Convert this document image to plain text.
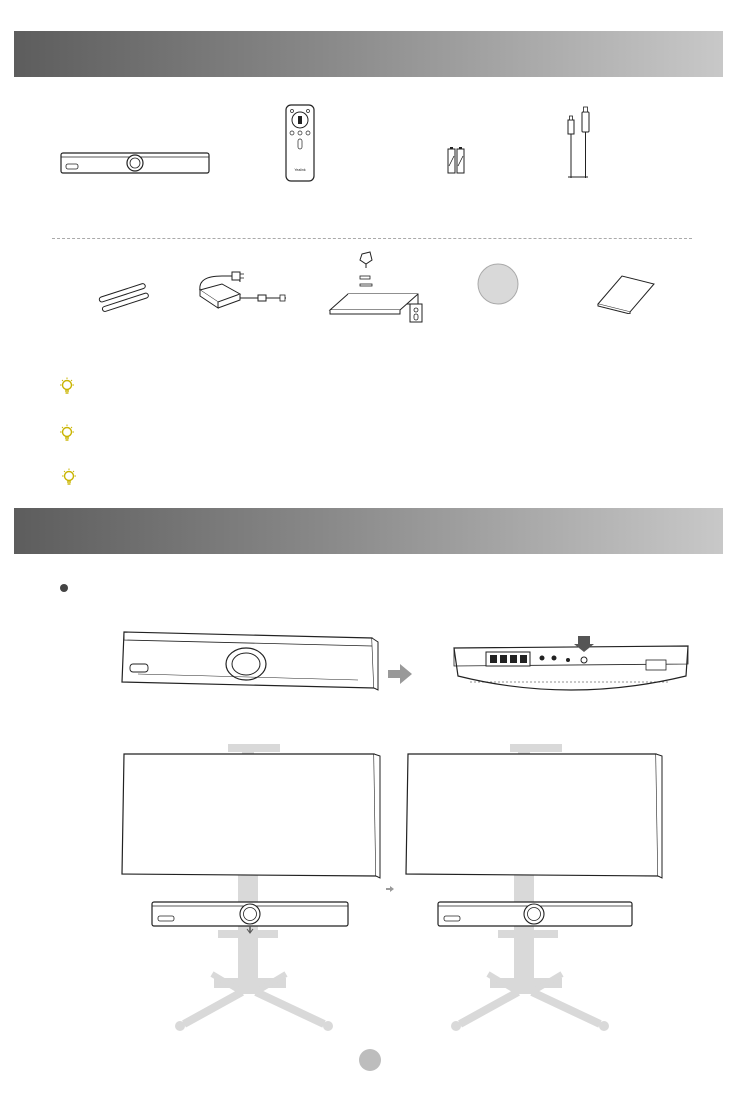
Yealink
